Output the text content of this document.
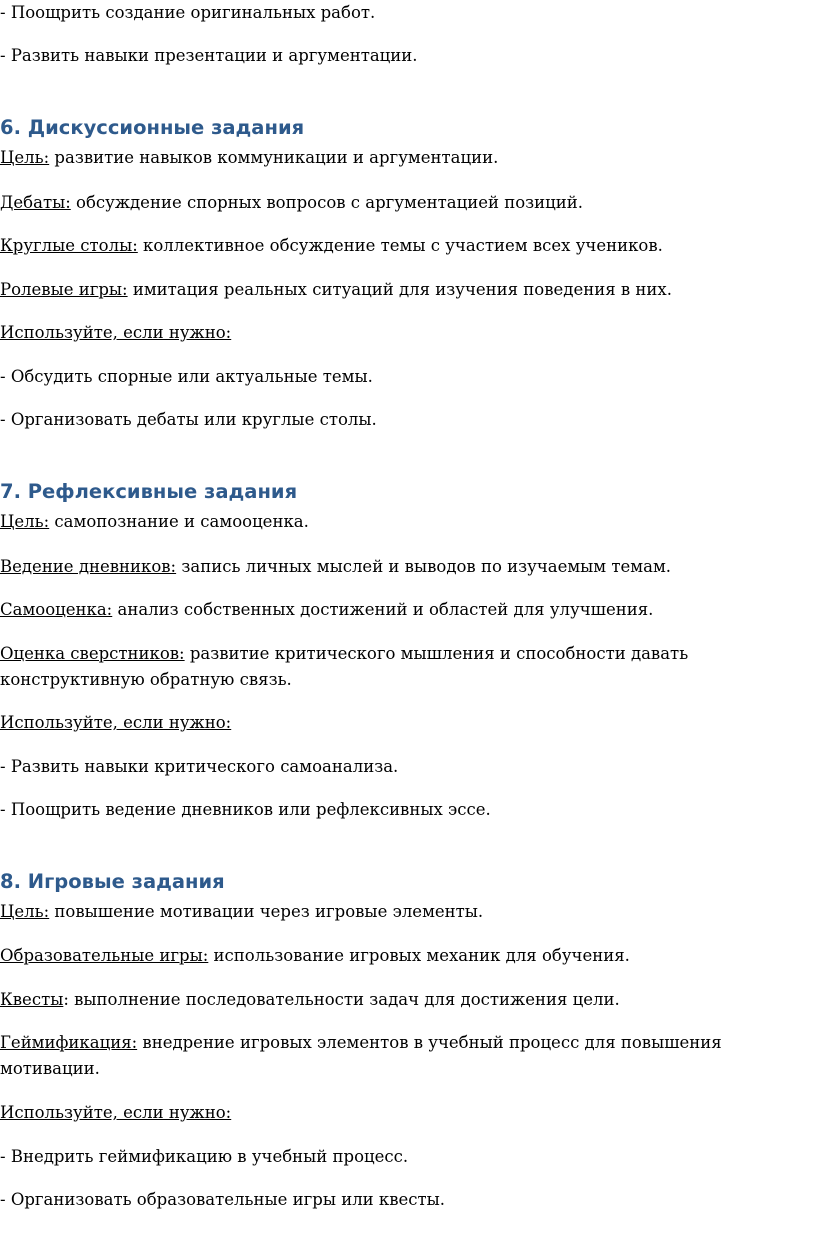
- Поощрить создание оригинальных работ.

- Развить навыки презентации и аргументации.

6. Дискуссионные задания

Цель: развитие навыков коммуникации и аргументации.

Дебаты: обсуждение спорных вопросов с аргументацией позиций.

Круглые столы: коллективное обсуждение темы с участием всех учеников.

Ролевые игры: имитация реальных ситуаций для изучения поведения в них.

Используйте, если нужно:

- Обсудить спорные или актуальные темы.

- Организовать дебаты или круглые столы.

7. Рефлексивные задания

Цель: самопознание и самооценка.

Ведение дневников: запись личных мыслей и выводов по изучаемым темам.

Самооценка: анализ собственных достижений и областей для улучшения.

Оценка сверстников: развитие критического мышления и способности давать конструктивную обратную связь.

Используйте, если нужно:

- Развить навыки критического самоанализа.

- Поощрить ведение дневников или рефлексивных эссе.

8. Игровые задания

Цель: повышение мотивации через игровые элементы.

Образовательные игры: использование игровых механик для обучения.

Квесты: выполнение последовательности задач для достижения цели.

Геймификация: внедрение игровых элементов в учебный процесс для повышения мотивации.

Используйте, если нужно:

- Внедрить геймификацию в учебный процесс.

- Организовать образовательные игры или квесты.
